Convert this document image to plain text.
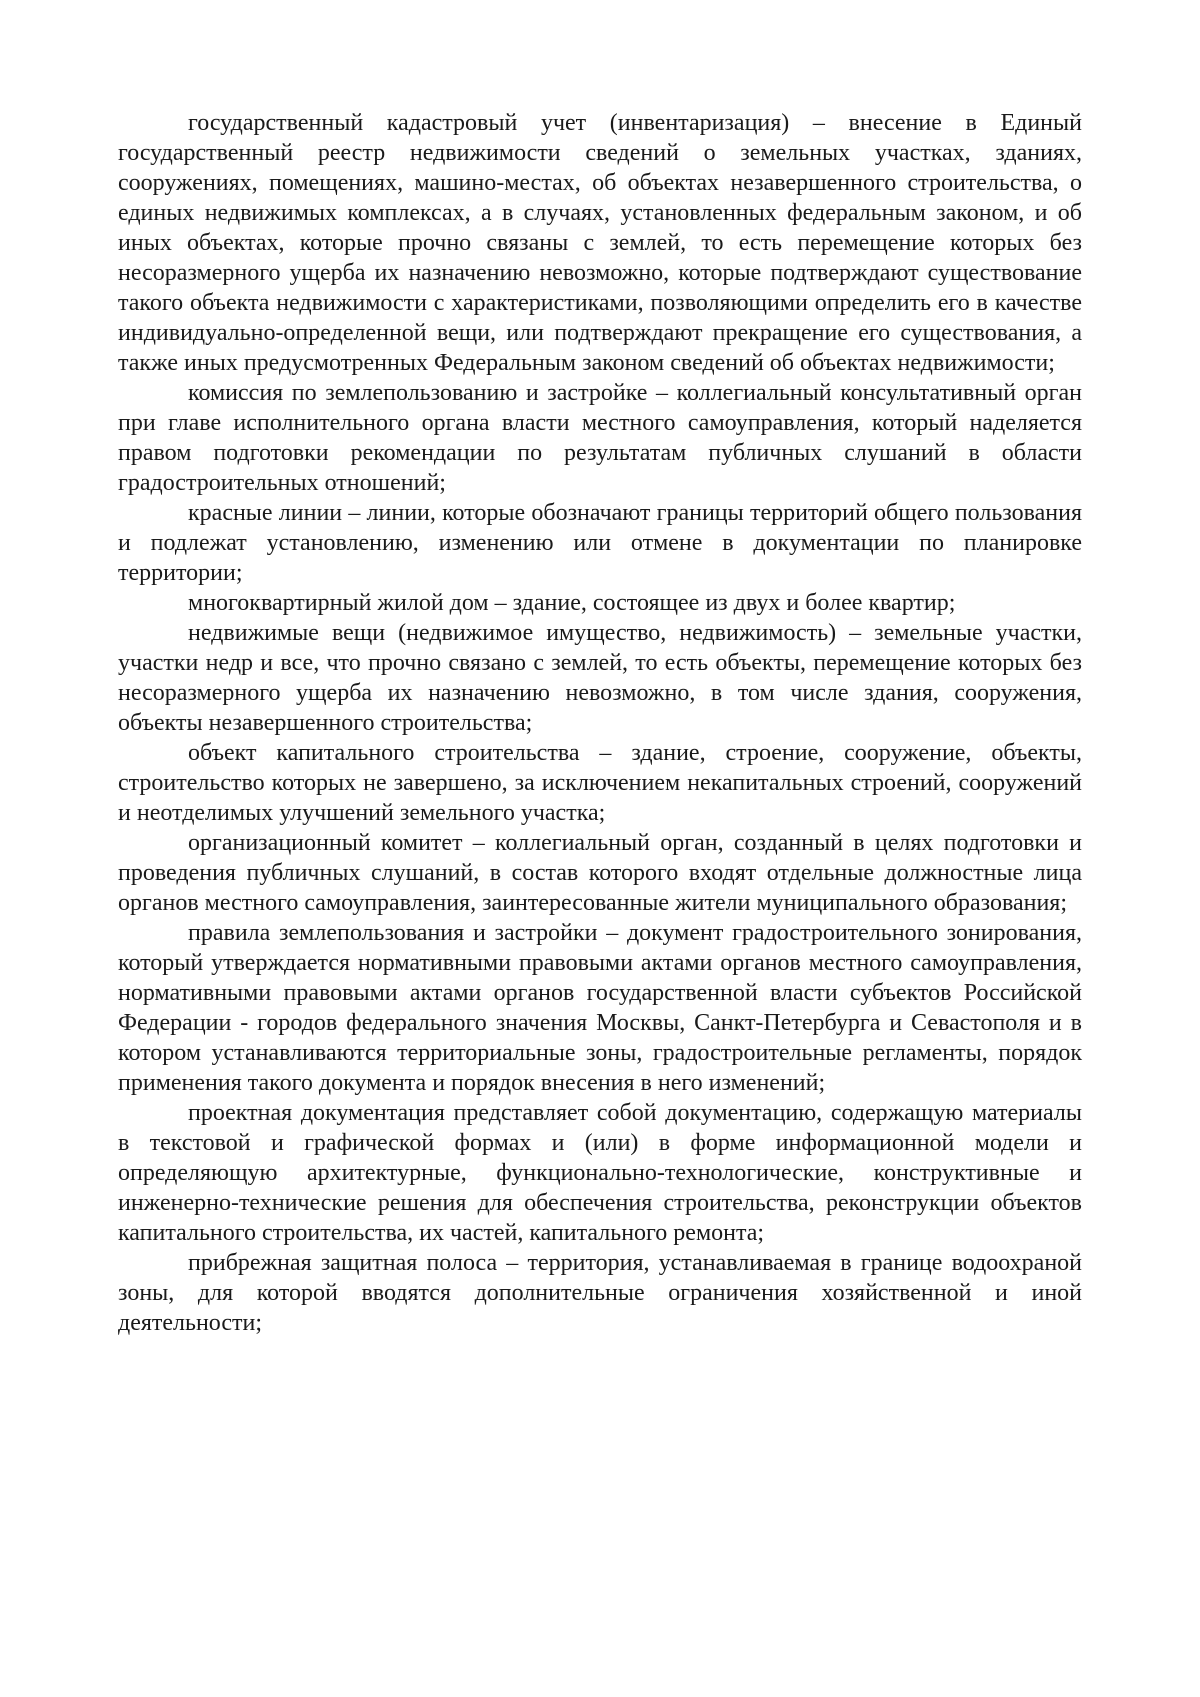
государственный кадастровый учет (инвентаризация) – внесение в Единый государственный реестр недвижимости сведений о земельных участках, зданиях, сооружениях, помещениях, машино-местах, об объектах незавершенного строительства, о единых недвижимых комплексах, а в случаях, установленных федеральным законом, и об иных объектах, которые прочно связаны с землей, то есть перемещение которых без несоразмерного ущерба их назначению невозможно, которые подтверждают существование такого объекта недвижимости с характеристиками, позволяющими определить его в качестве индивидуально-определенной вещи, или подтверждают прекращение его существования, а также иных предусмотренных Федеральным законом сведений об объектах недвижимости;

комиссия по землепользованию и застройке – коллегиальный консультативный орган при главе исполнительного органа власти местного самоуправления, который наделяется правом подготовки рекомендации по результатам публичных слушаний в области градостроительных отношений;

красные линии – линии, которые обозначают границы территорий общего пользования и подлежат установлению, изменению или отмене в документации по планировке территории;

многоквартирный жилой дом – здание, состоящее из двух и более квартир;

недвижимые вещи (недвижимое имущество, недвижимость) – земельные участки, участки недр и все, что прочно связано с землей, то есть объекты, перемещение которых без несоразмерного ущерба их назначению невозможно, в том числе здания, сооружения, объекты незавершенного строительства;

объект капитального строительства – здание, строение, сооружение, объекты, строительство которых не завершено, за исключением некапитальных строений, сооружений и неотделимых улучшений земельного участка;

организационный комитет – коллегиальный орган, созданный в целях подготовки и проведения публичных слушаний, в состав которого входят отдельные должностные лица органов местного самоуправления, заинтересованные жители муниципального образования;

правила землепользования и застройки – документ градостроительного зонирования, который утверждается нормативными правовыми актами органов местного самоуправления, нормативными правовыми актами органов государственной власти субъектов Российской Федерации - городов федерального значения Москвы, Санкт-Петербурга и Севастополя и в котором устанавливаются территориальные зоны, градостроительные регламенты, порядок применения такого документа и порядок внесения в него изменений;

проектная документация представляет собой документацию, содержащую материалы в текстовой и графической формах и (или) в форме информационной модели и определяющую архитектурные, функционально-технологические, конструктивные и инженерно-технические решения для обеспечения строительства, реконструкции объектов капитального строительства, их частей, капитального ремонта;

прибрежная защитная полоса – территория, устанавливаемая в границе водоохраной зоны, для которой вводятся дополнительные ограничения хозяйственной и иной деятельности;
